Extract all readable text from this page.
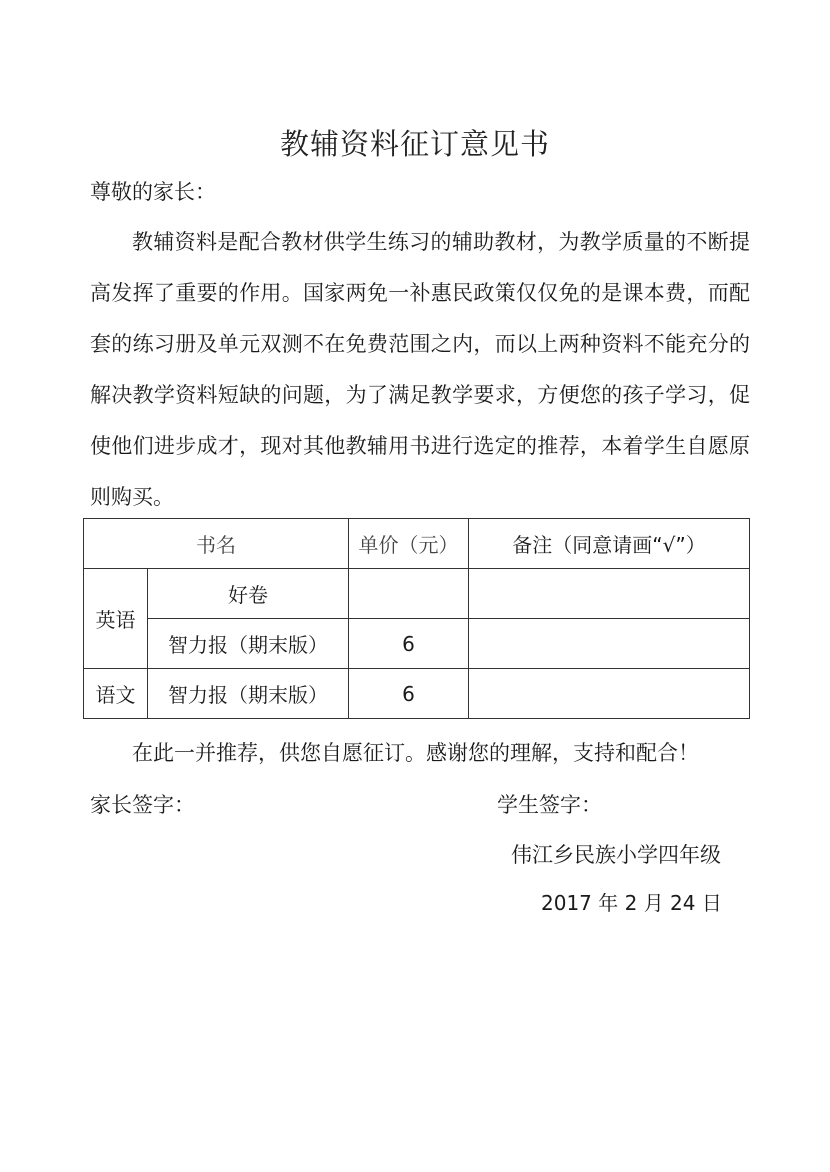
教辅资料征订意见书
尊敬的家长：

教辅资料是配合教材供学生练习的辅助教材，为教学质量的不断提高发挥了重要的作用。国家两免一补惠民政策仅仅免的是课本费，而配套的练习册及单元双测不在免费范围之内，而以上两种资料不能充分的解决教学资料短缺的问题，为了满足教学要求，方便您的孩子学习，促使他们进步成才，现对其他教辅用书进行选定的推荐，本着学生自愿原则购买。

书名		单价（元）	备注（同意请画“√”）
英语	好卷		
	智力报（期末版）	6	
语文	智力报（期末版）	6	
在此一并推荐，供您自愿征订。感谢您的理解，支持和配合！
家长签字：	学生签字：
伟江乡民族小学四年级
2017 年 2 月 24 日
